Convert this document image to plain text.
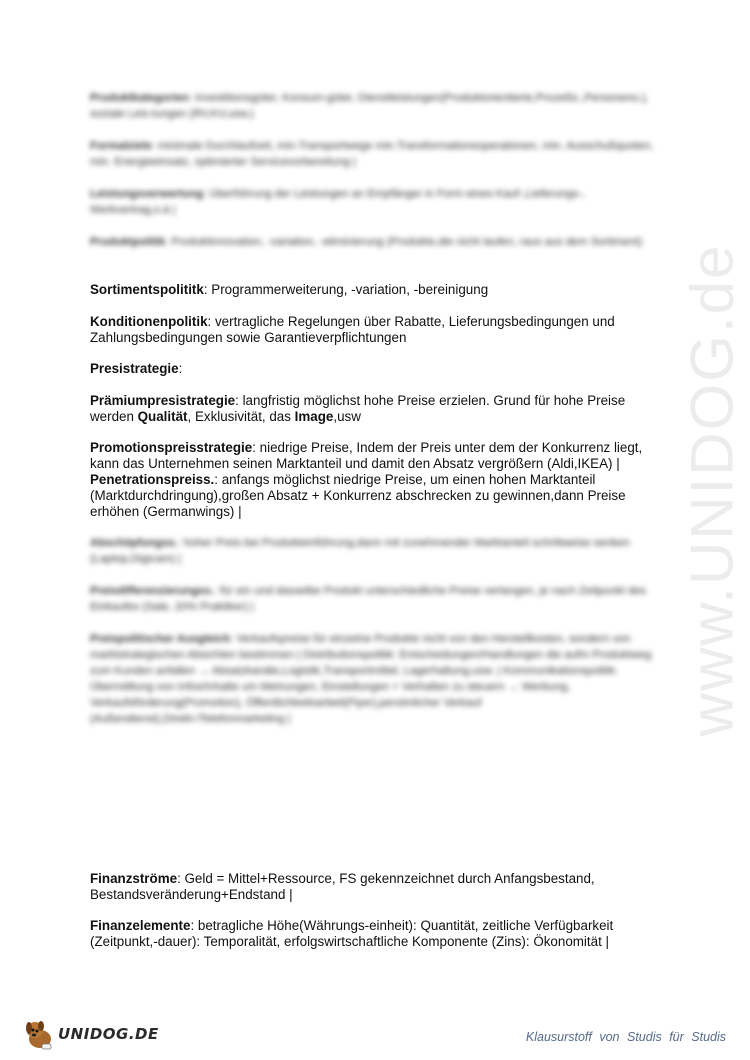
www.UNIDOG.de

Produktkategorien: Investitionsgüter, Konsum-güter, Dienstleistungen(Produktorientierte,Prozeßo.,Personeno.), soziale Leis-tungen (RV,KV,usw.)

Formalziele: minimale Durchlaufzeit, min.Transportwege min.Transformationsoperationen, min. Ausschußquoten, min. Energieeinsatz, optimierter Servicevorbereitung |

Leistungsverwertung: Überführung der Leistungen an Empfänger in Form eines Kauf-,Lieferungs-, Werkvertrag,o.ä |

Produktpolitik: Produktinnovation, -variation, -eliminierung (Produkte,die nicht laufen, raus aus dem Sortiment)

Sortimentspolititk: Programmerweiterung, -variation, -bereinigung

Konditionenpolitik: vertragliche Regelungen über Rabatte, Lieferungsbedingungen und Zahlungsbedingungen sowie Garantieverpflichtungen

Presistrategie:

Prämiumpresistrategie: langfristig möglichst hohe Preise erzielen. Grund für hohe Preise werden Qualität, Exklusivität, das Image,usw

Promotionspreisstrategie: niedrige Preise, Indem der Preis unter dem der Konkurrenz liegt, kann das Unternehmen seinen Marktanteil und damit den Absatz vergrößern (Aldi,IKEA) |
Penetrationspreiss.: anfangs möglichst niedrige Preise, um einen hohen Marktanteil (Marktdurchdringung),großen Absatz + Konkurrenz abschrecken zu gewinnen,dann Preise erhöhen (Germanwings) |

Abschöpfungss.: hoher Preis bei Produkteinführung,dann mit zunehmender Marktanteil schrittweise senken (Laptop,Digicam) |

Preisdifferenzierungss.: für ein und dasselbe Produkt unterschiedliche Preise verlangen, je nach Zeitpunkt des Einkaufes (Sale, 20% Praktiker) |

Preispolitischer Ausgleich: Verkaufspreise für einzelne Produkte nicht von den Herstellkosten, sondern von marktstrategischen Absichten bestimmen | Distributionspolitik: Entscheidungen/Handlungen die aufm Produktweg zum Kunden anfallen → Absatzkanäle,Logistik,Transportmittel, Lagerhaltung,usw. | Kommunikationspolitik: Übermittlung von Infos/Inhalte um Meinungen, Einstellungen + Verhalten zu steuern → Werbung, Verkaufsförderung(Promotion), Öffentlichkeitsarbeit(Flyer),persönlicher Verkauf (Außendienst),Direkt-/Telefonmarketing |

Finanzströme: Geld = Mittel+Ressource, FS gekennzeichnet durch Anfangsbestand, Bestandsveränderung+Endstand |

Finanzelemente: betragliche Höhe(Währungs-einheit): Quantität, zeitliche Verfügbarkeit (Zeitpunkt,-dauer): Temporalität, erfolgswirtschaftliche Komponente (Zins): Ökonomität |

UNIDOG.DE	Klausurstoff von Studis für Studis
